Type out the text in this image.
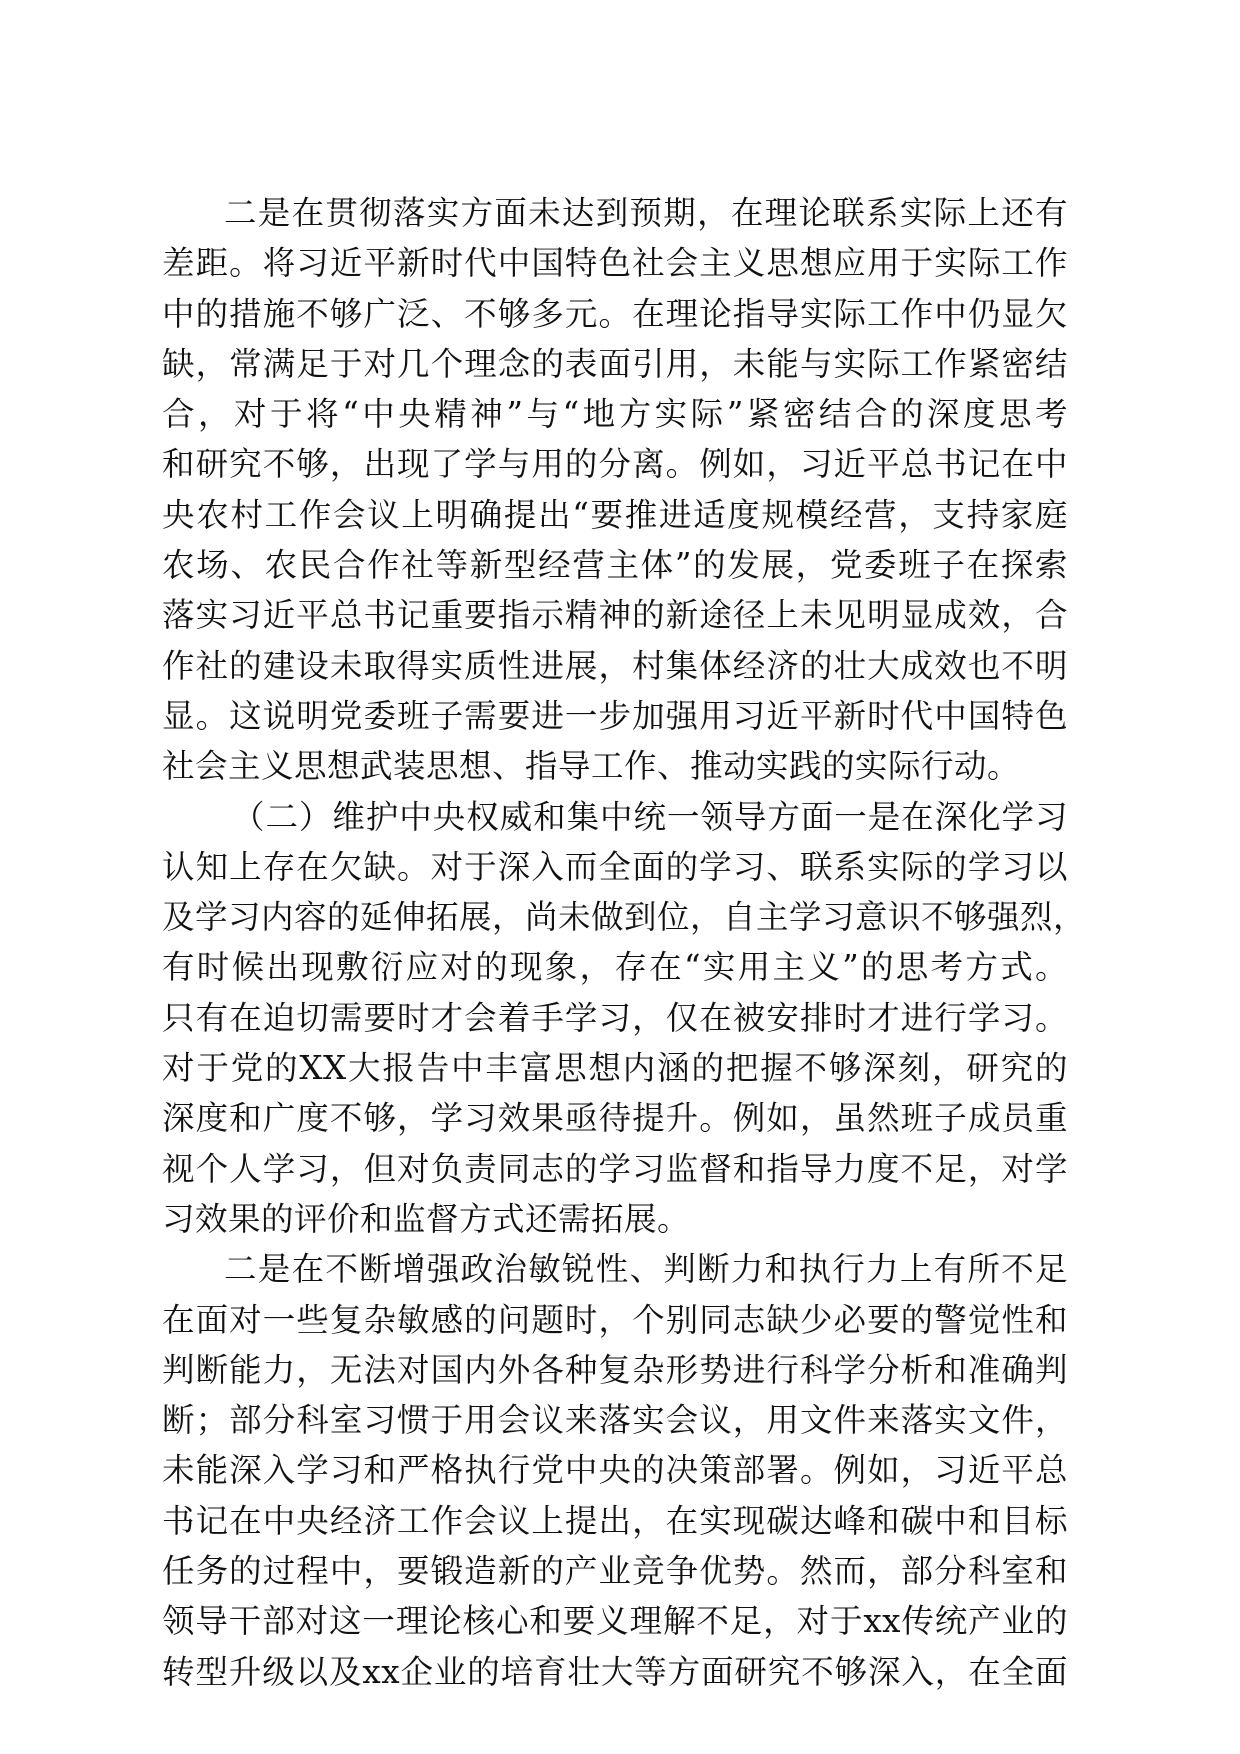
二是在贯彻落实方面未达到预期，在理论联系实际上还有
差距。将习近平新时代中国特色社会主义思想应用于实际工作
中的措施不够广泛、不够多元。在理论指导实际工作中仍显欠
缺，常满足于对几个理念的表面引用，未能与实际工作紧密结
合，对于将“中央精神”与“地方实际”紧密结合的深度思考
和研究不够，出现了学与用的分离。例如，习近平总书记在中
央农村工作会议上明确提出“要推进适度规模经营，支持家庭
农场、农民合作社等新型经营主体”的发展，党委班子在探索
落实习近平总书记重要指示精神的新途径上未见明显成效，合
作社的建设未取得实质性进展，村集体经济的壮大成效也不明
显。这说明党委班子需要进一步加强用习近平新时代中国特色
社会主义思想武装思想、指导工作、推动实践的实际行动。
（二）维护中央权威和集中统一领导方面一是在深化学习
认知上存在欠缺。对于深入而全面的学习、联系实际的学习以
及学习内容的延伸拓展，尚未做到位，自主学习意识不够强烈，
有时候出现敷衍应对的现象，存在“实用主义”的思考方式。
只有在迫切需要时才会着手学习，仅在被安排时才进行学习。
对于党的XX大报告中丰富思想内涵的把握不够深刻，研究的
深度和广度不够，学习效果亟待提升。例如，虽然班子成员重
视个人学习，但对负责同志的学习监督和指导力度不足，对学
习效果的评价和监督方式还需拓展。
二是在不断增强政治敏锐性、判断力和执行力上有所不足
在面对一些复杂敏感的问题时，个别同志缺少必要的警觉性和
判断能力，无法对国内外各种复杂形势进行科学分析和准确判
断；部分科室习惯于用会议来落实会议，用文件来落实文件，
未能深入学习和严格执行党中央的决策部署。例如，习近平总
书记在中央经济工作会议上提出，在实现碳达峰和碳中和目标
任务的过程中，要锻造新的产业竞争优势。然而，部分科室和
领导干部对这一理论核心和要义理解不足，对于xx传统产业的
转型升级以及xx企业的培育壮大等方面研究不够深入，在全面
